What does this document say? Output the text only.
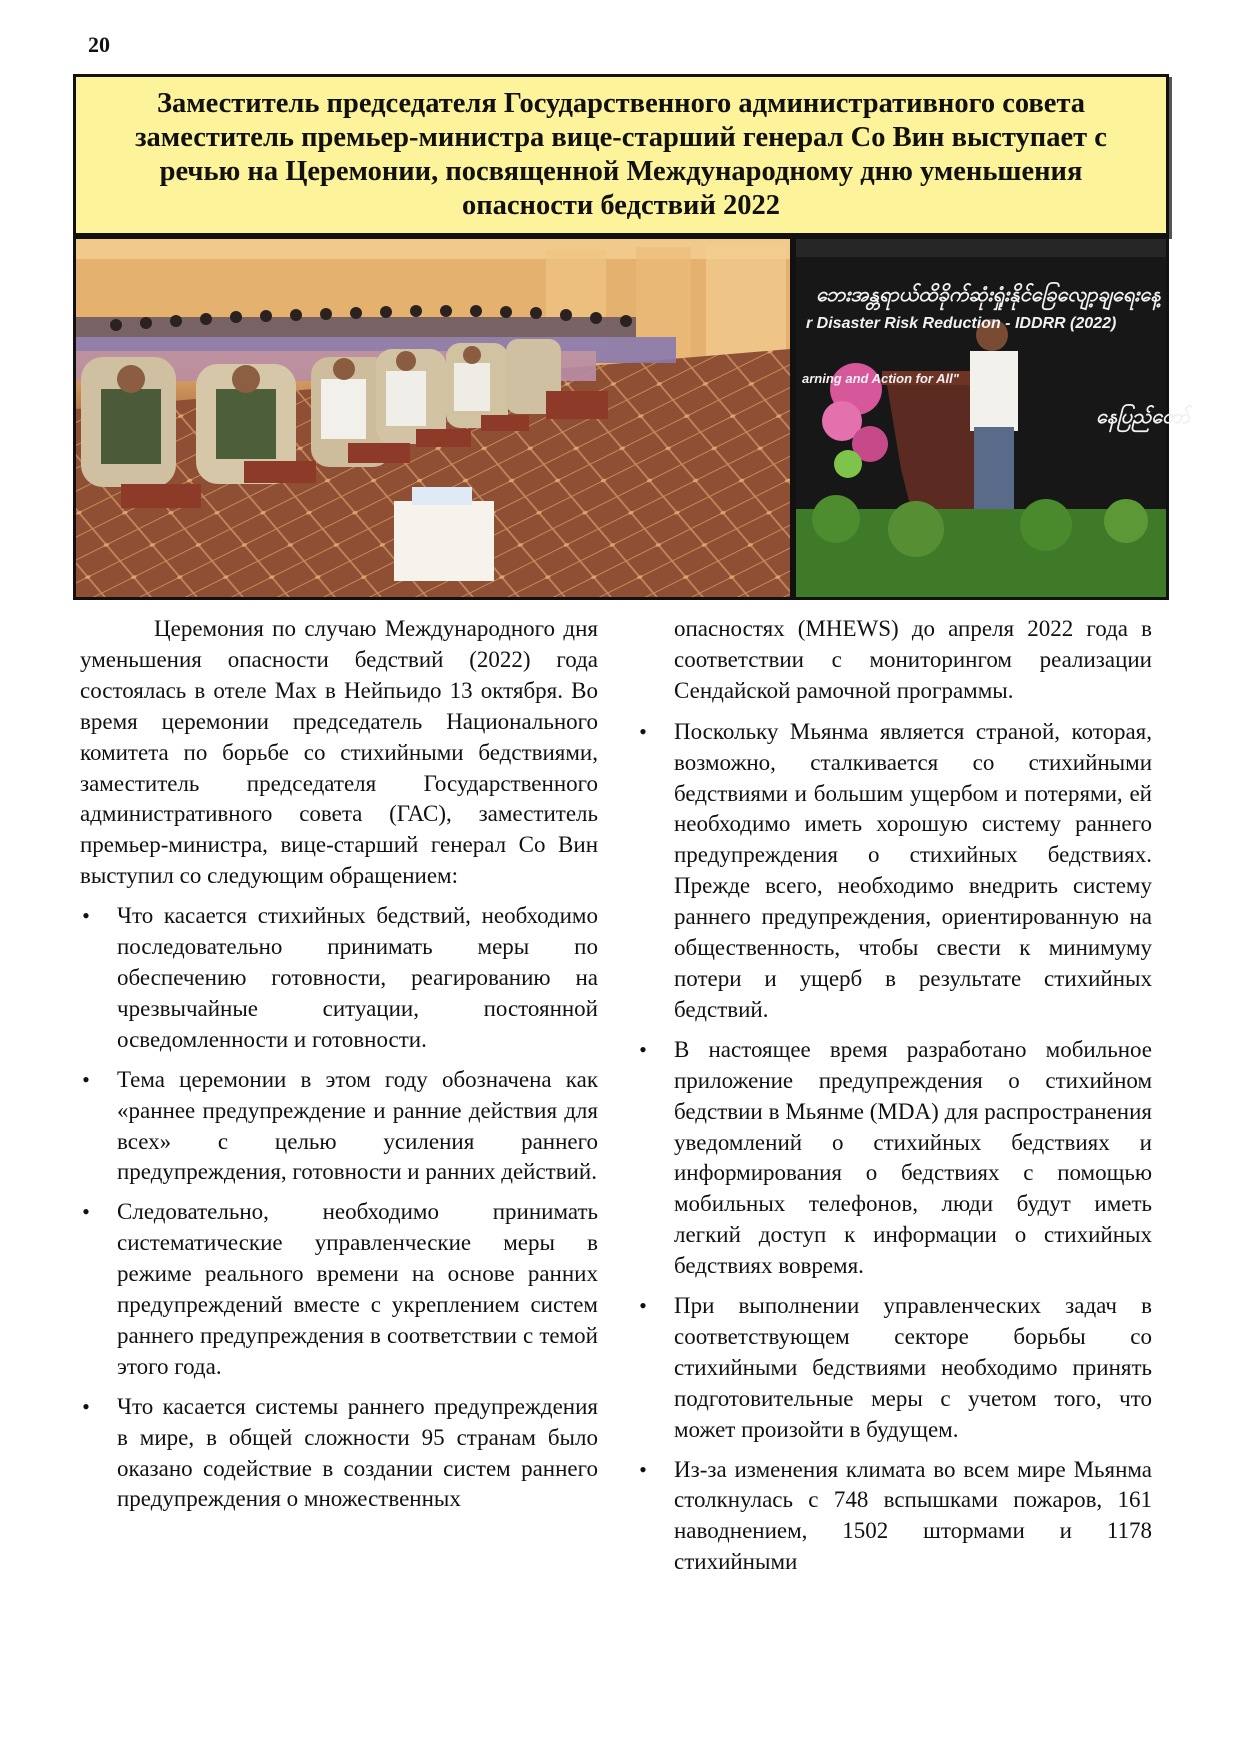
20
Заместитель председателя Государственного административного совета заместитель премьер-министра вице-старший генерал Со Вин выступает с речью на Церемонии, посвященной Международному дню уменьшения опасности бедствий 2022
ဘေးအန္တရာယ်ထိခိုက်ဆုံးရှုံးနိုင်ခြေလျော့ချရေးနေ့
r Disaster Risk Reduction - IDDRR (2022)
arning and Action for All"
နေပြည်တော်

Церемония по случаю Международного дня уменьшения опасности бедствий (2022) года состоялась в отеле Max в Нейпьидо 13 октября. Во время церемонии председатель Национального комитета по борьбе со стихийными бедствиями, заместитель председателя Государственного административного совета (ГАС), заместитель премьер-министра, вице-старший генерал Со Вин выступил со следующим обращением:

• Что касается стихийных бедствий, необходимо последовательно принимать меры по обеспечению готовности, реагированию на чрезвычайные ситуации, постоянной осведомленности и готовности.
• Тема церемонии в этом году обозначена как «раннее предупреждение и ранние действия для всех» с целью усиления раннего предупреждения, готовности и ранних действий.
• Следовательно, необходимо принимать систематические управленческие меры в режиме реального времени на основе ранних предупреждений вместе с укреплением систем раннего предупреждения в соответствии с темой этого года.
• Что касается системы раннего предупреждения в мире, в общей сложности 95 странам было оказано содействие в создании систем раннего предупреждения о множественных

опасностях (MHEWS) до апреля 2022 года в соответствии с мониторингом реализации Сендайской рамочной программы.

• Поскольку Мьянма является страной, которая, возможно, сталкивается со стихийными бедствиями и большим ущербом и потерями, ей необходимо иметь хорошую систему раннего предупреждения о стихийных бедствиях. Прежде всего, необходимо внедрить систему раннего предупреждения, ориентированную на общественность, чтобы свести к минимуму потери и ущерб в результате стихийных бедствий.
• В настоящее время разработано мобильное приложение предупреждения о стихийном бедствии в Мьянме (MDA) для распространения уведомлений о стихийных бедствиях и информирования о бедствиях с помощью мобильных телефонов, люди будут иметь легкий доступ к информации о стихийных бедствиях вовремя.
• При выполнении управленческих задач в соответствующем секторе борьбы со стихийными бедствиями необходимо принять подготовительные меры с учетом того, что может произойти в будущем.
• Из-за изменения климата во всем мире Мьянма столкнулась с 748 вспышками пожаров, 161 наводнением, 1502 штормами и 1178 стихийными
